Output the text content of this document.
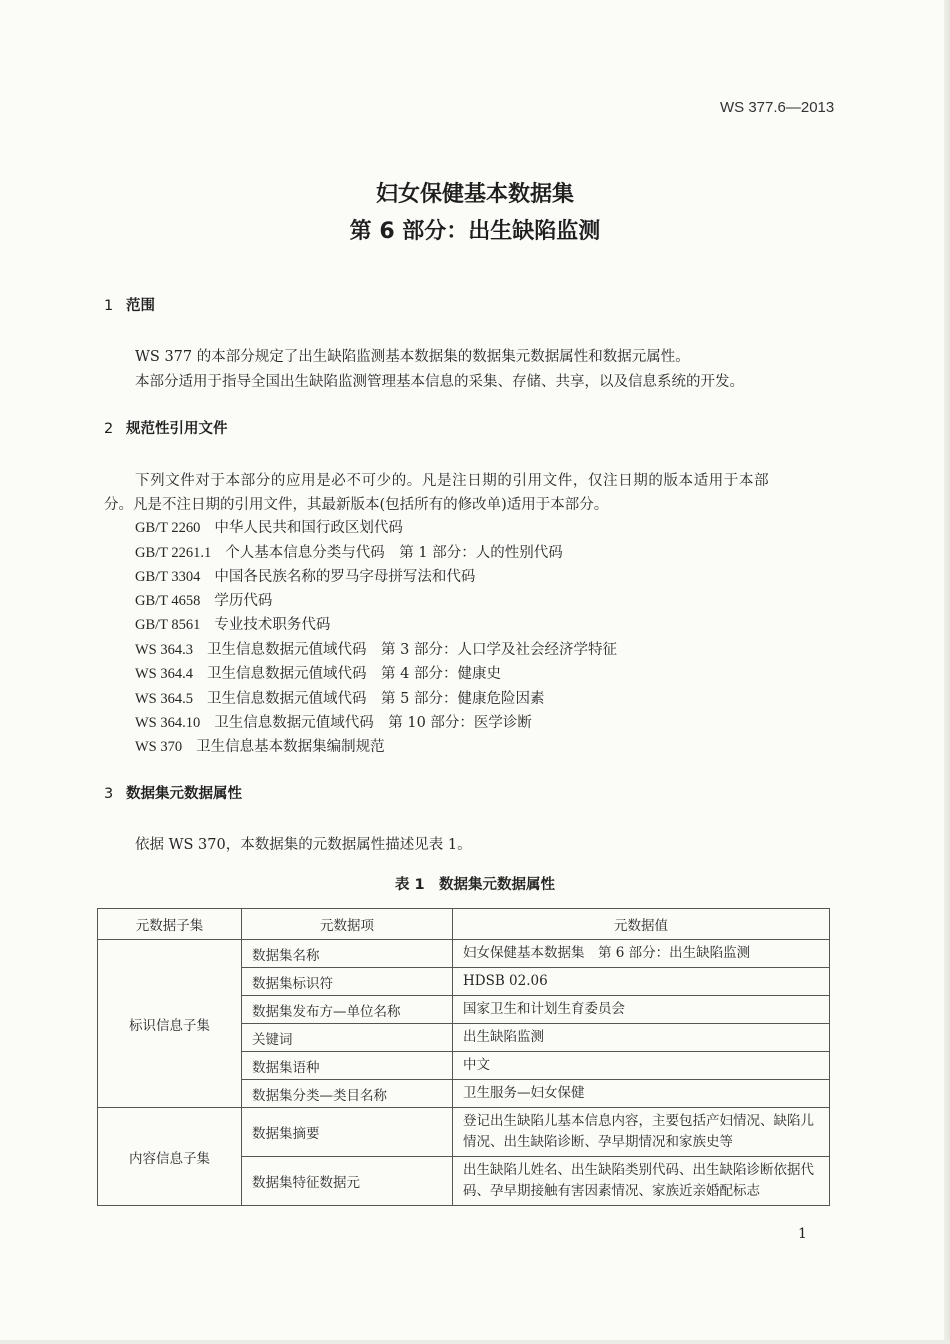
WS 377.6—2013
妇女保健基本数据集
第 6 部分：出生缺陷监测
1 范围
WS 377 的本部分规定了出生缺陷监测基本数据集的数据集元数据属性和数据元属性。
本部分适用于指导全国出生缺陷监测管理基本信息的采集、存储、共享，以及信息系统的开发。
2 规范性引用文件
下列文件对于本部分的应用是必不可少的。凡是注日期的引用文件，仅注日期的版本适用于本部
分。凡是不注日期的引用文件，其最新版本(包括所有的修改单)适用于本部分。
GB/T 2260 中华人民共和国行政区划代码
GB/T 2261.1 个人基本信息分类与代码　第 1 部分：人的性别代码
GB/T 3304 中国各民族名称的罗马字母拼写法和代码
GB/T 4658 学历代码
GB/T 8561 专业技术职务代码
WS 364.3 卫生信息数据元值域代码　第 3 部分：人口学及社会经济学特征
WS 364.4 卫生信息数据元值域代码　第 4 部分：健康史
WS 364.5 卫生信息数据元值域代码　第 5 部分：健康危险因素
WS 364.10 卫生信息数据元值域代码　第 10 部分：医学诊断
WS 370 卫生信息基本数据集编制规范
3 数据集元数据属性
依据 WS 370，本数据集的元数据属性描述见表 1。
表 1　数据集元数据属性
元数据子集	元数据项	元数据值
标识信息子集	数据集名称	妇女保健基本数据集　第 6 部分：出生缺陷监测
	数据集标识符	HDSB 02.06
	数据集发布方—单位名称	国家卫生和计划生育委员会
	关键词	出生缺陷监测
	数据集语种	中文
	数据集分类—类目名称	卫生服务—妇女保健
内容信息子集	数据集摘要	登记出生缺陷儿基本信息内容，主要包括产妇情况、缺陷儿情况、出生缺陷诊断、孕早期情况和家族史等
	数据集特征数据元	出生缺陷儿姓名、出生缺陷类别代码、出生缺陷诊断依据代码、孕早期接触有害因素情况、家族近亲婚配标志
1
